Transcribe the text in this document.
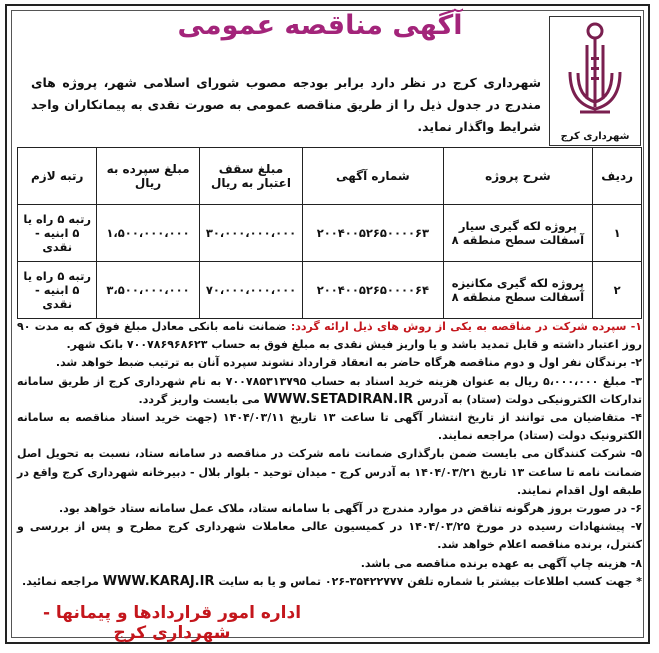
آگهی مناقصه عمومی
شهرداری کرج
شهرداری کرج در نظر دارد برابر بودجه مصوب شورای اسلامی شهر، پروژه های مندرج در جدول ذیل را از طریق مناقصه عمومی به صورت نقدی به پیمانکاران واجد شرایط واگذار نماید.
ردیف	شرح پروژه	شماره آگهی	مبلغ سقف اعتبار به ریال	مبلغ سپرده به ریال	رتبه لازم
۱	پروژه لکه گیری سیار آسفالت سطح منطقه ۸	۲۰۰۴۰۰۵۲۶۵۰۰۰۰۶۳	۳۰،۰۰۰،۰۰۰،۰۰۰	۱،۵۰۰،۰۰۰،۰۰۰	رتبه ۵ راه یا ۵ ابنیه - نقدی
۲	پروژه لکه گیری مکانیزه آسفالت سطح منطقه ۸	۲۰۰۴۰۰۵۲۶۵۰۰۰۰۶۴	۷۰،۰۰۰،۰۰۰،۰۰۰	۳،۵۰۰،۰۰۰،۰۰۰	رتبه ۵ راه یا ۵ ابنیه - نقدی

۱- سپرده شرکت در مناقصه به یکی از روش های ذیل ارائه گردد: ضمانت نامه بانکی معادل مبلغ فوق که به مدت ۹۰ روز اعتبار داشته و قابل تمدید باشد و یا واریز فیش نقدی به مبلغ فوق به حساب ۷۰۰۷۸۶۹۶۸۶۲۳ بانک شهر.

۲- برندگان نفر اول و دوم مناقصه هرگاه حاضر به انعقاد قرارداد نشوند سپرده آنان به ترتیب ضبط خواهد شد.

۳- مبلغ ۵،۰۰۰،۰۰۰ ریال به عنوان هزینه خرید اسناد به حساب ۷۰۰۷۸۵۳۱۳۷۹۵ به نام شهرداری کرج از طریق سامانه تدارکات الکترونیکی دولت (ستاد) به آدرس WWW.SETADIRAN.IR می بایست واریز گردد.

۴- متقاضیان می توانند از تاریخ انتشار آگهی تا ساعت ۱۳ تاریخ ۱۴۰۴/۰۳/۱۱ (جهت خرید اسناد مناقصه به سامانه الکترونیک دولت (ستاد) مراجعه نمایند.

۵- شرکت کنندگان می بایست ضمن بارگذاری ضمانت نامه شرکت در مناقصه در سامانه ستاد، نسبت به تحویل اصل ضمانت نامه تا ساعت ۱۳ تاریخ ۱۴۰۴/۰۳/۲۱ به آدرس کرج - میدان توحید - بلوار بلال - دبیرخانه شهرداری کرج واقع در طبقه اول اقدام نمایند.

۶- در صورت بروز هرگونه تناقض در موارد مندرج در آگهی با سامانه ستاد، ملاک عمل سامانه ستاد خواهد بود.

۷- پیشنهادات رسیده در مورخ ۱۴۰۴/۰۳/۲۵ در کمیسیون عالی معاملات شهرداری کرج مطرح و پس از بررسی و کنترل، برنده مناقصه اعلام خواهد شد.

۸- هزینه چاپ آگهی به عهده برنده مناقصه می باشد.

* جهت کسب اطلاعات بیشتر با شماره تلفن ۳۵۴۲۲۷۷۷-۰۲۶ تماس و یا به سایت WWW.KARAJ.IR مراجعه نمائید.

اداره امور قراردادها و پیمانها - شهرداری کرج
